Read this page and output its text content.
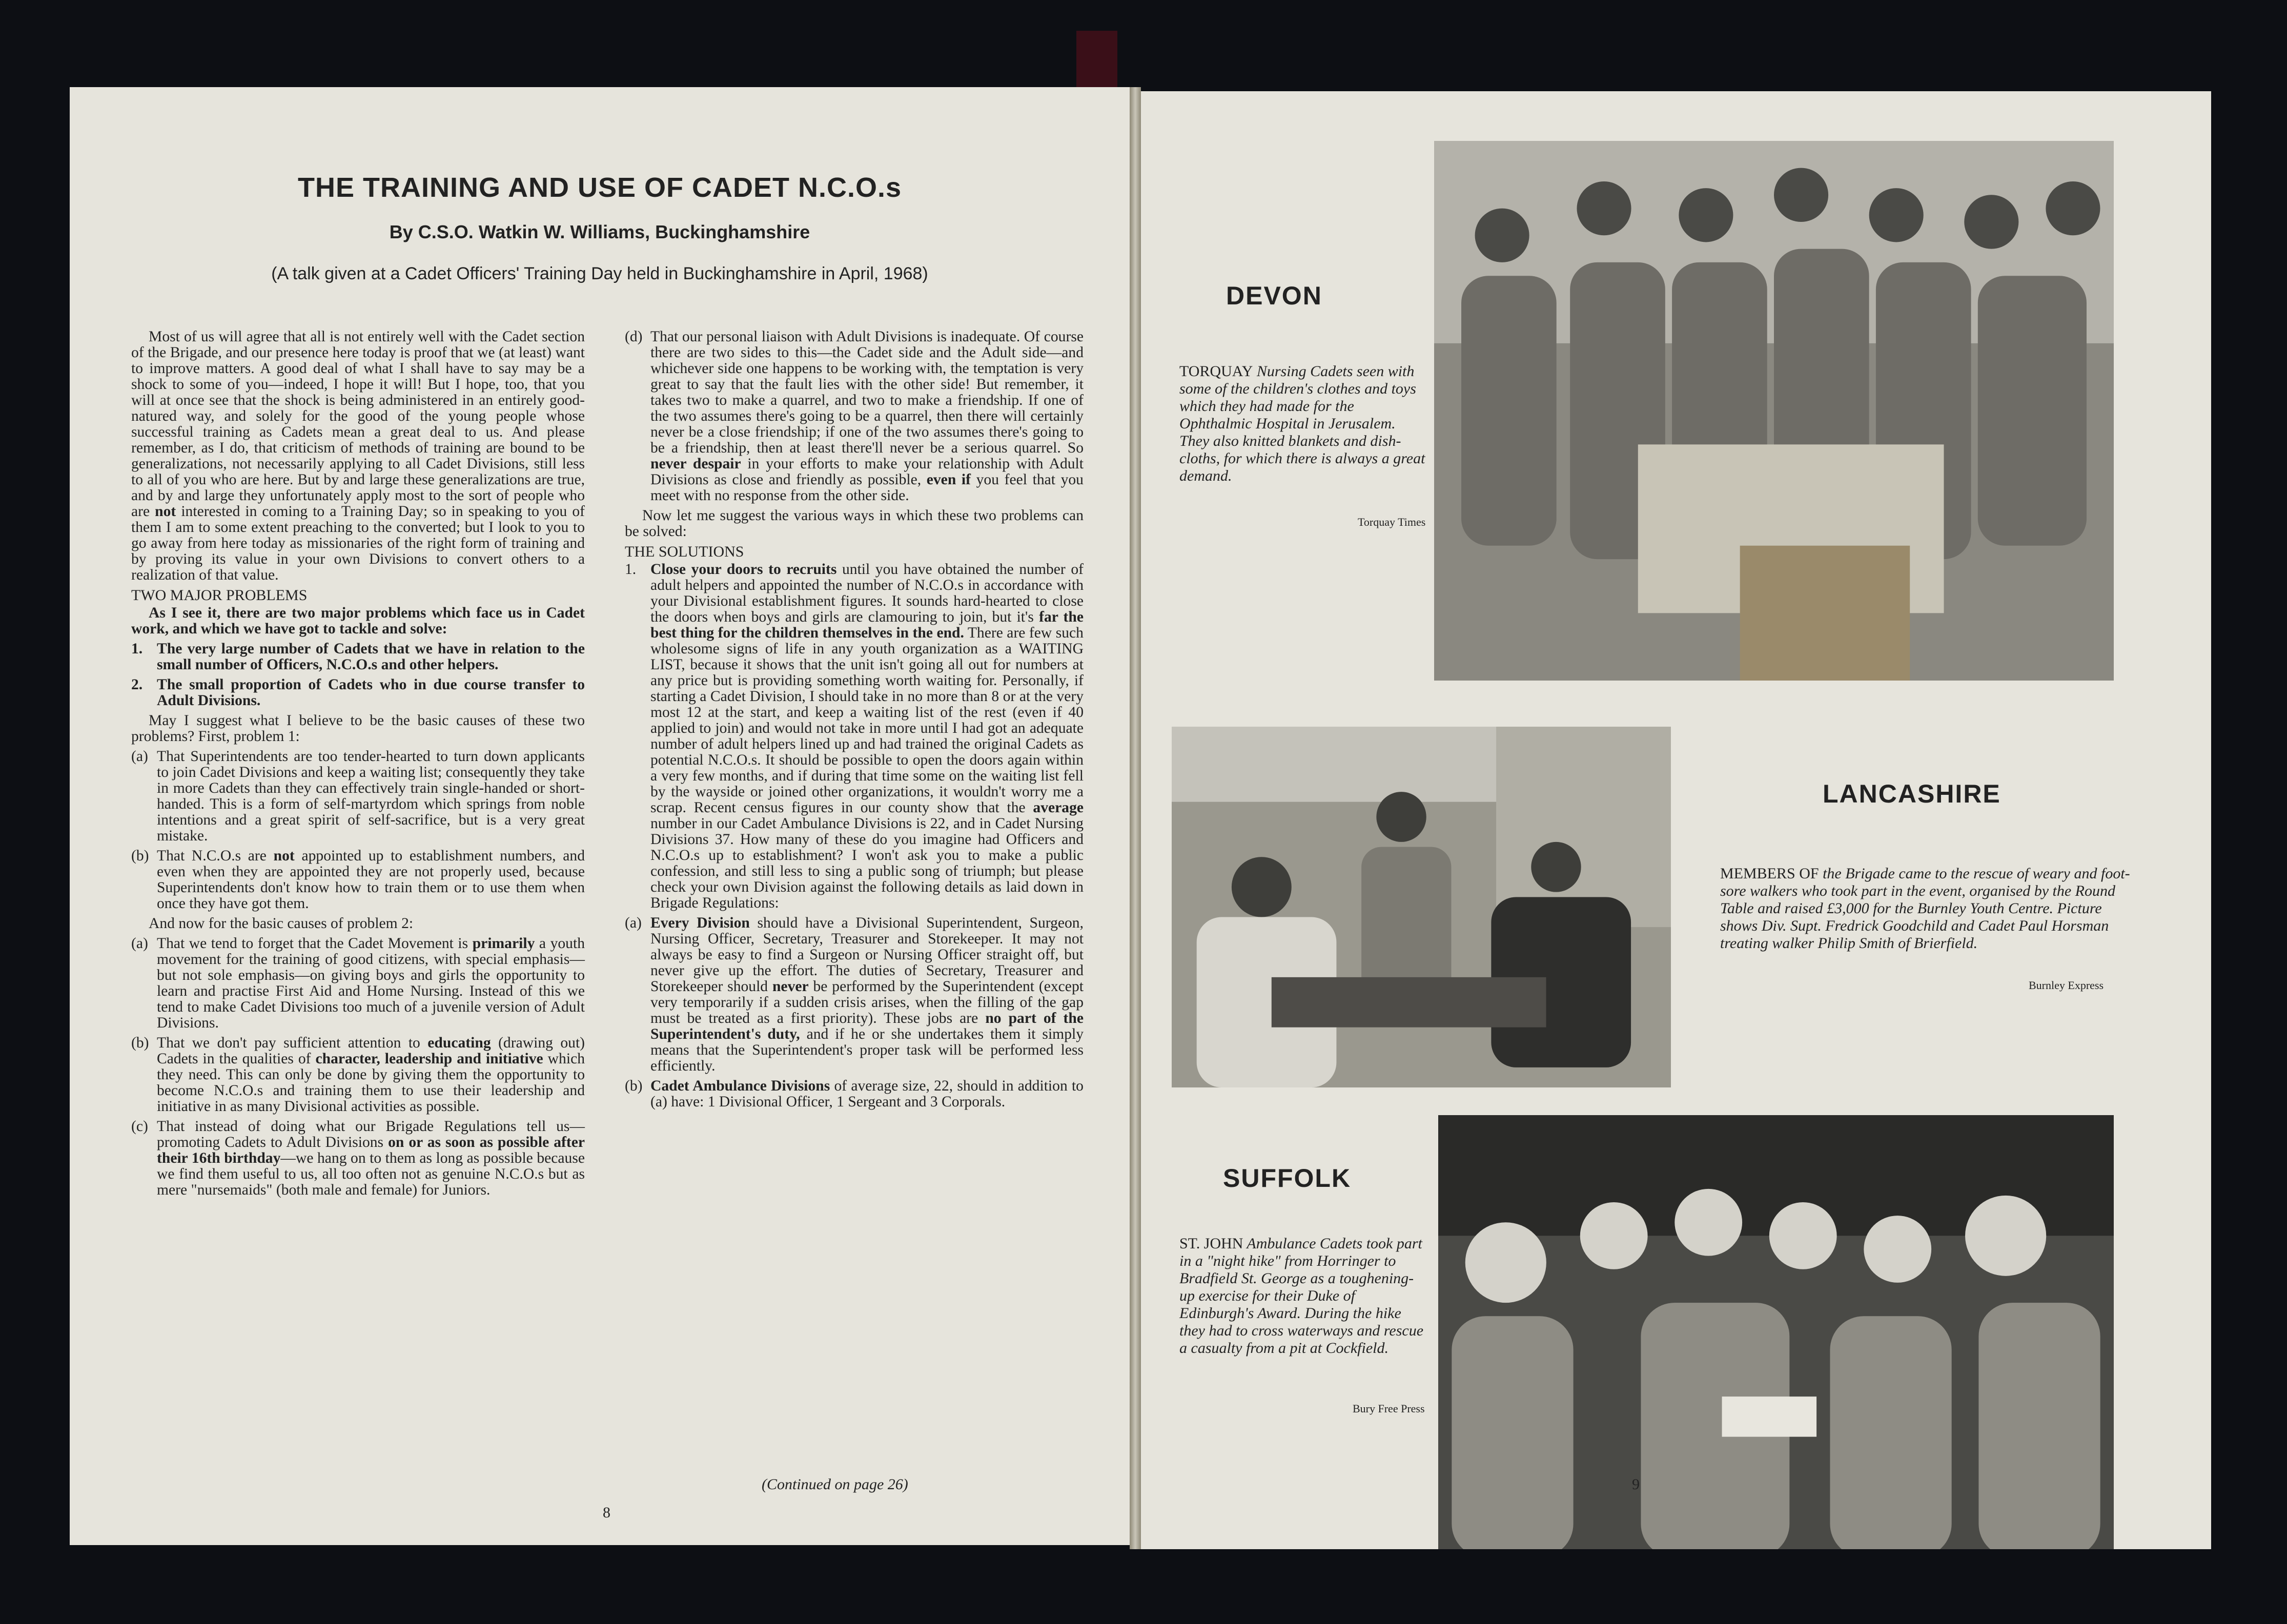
THE TRAINING AND USE OF CADET N.C.O.s
By C.S.O. Watkin W. Williams, Buckinghamshire
(A talk given at a Cadet Officers' Training Day held in Buckinghamshire in April, 1968)

Most of us will agree that all is not entirely well with the Cadet section of the Brigade, and our presence here today is proof that we (at least) want to improve matters. A good deal of what I shall have to say may be a shock to some of you—indeed, I hope it will! But I hope, too, that you will at once see that the shock is being administered in an entirely good-natured way, and solely for the good of the young people whose successful training as Cadets mean a great deal to us. And please remember, as I do, that criticism of methods of training are bound to be generalizations, not necessarily applying to all Cadet Divisions, still less to all of you who are here. But by and large these generalizations are true, and by and large they unfortunately apply most to the sort of people who are not interested in coming to a Training Day; so in speaking to you of them I am to some extent preaching to the converted; but I look to you to go away from here today as missionaries of the right form of training and by proving its value in your own Divisions to convert others to a realization of that value.

TWO MAJOR PROBLEMS

As I see it, there are two major problems which face us in Cadet work, and which we have got to tackle and solve:

1. The very large number of Cadets that we have in relation to the small number of Officers, N.C.O.s and other helpers.
2. The small proportion of Cadets who in due course transfer to Adult Divisions.

May I suggest what I believe to be the basic causes of these two problems? First, problem 1:

(a) That Superintendents are too tender-hearted to turn down applicants to join Cadet Divisions and keep a waiting list; consequently they take in more Cadets than they can effectively train single-handed or short-handed. This is a form of self-martyrdom which springs from noble intentions and a great spirit of self-sacrifice, but is a very great mistake.
(b) That N.C.O.s are not appointed up to establishment numbers, and even when they are appointed they are not properly used, because Superintendents don't know how to train them or to use them when once they have got them.

And now for the basic causes of problem 2:

(a) That we tend to forget that the Cadet Movement is primarily a youth movement for the training of good citizens, with special emphasis—but not sole emphasis—on giving boys and girls the opportunity to learn and practise First Aid and Home Nursing. Instead of this we tend to make Cadet Divisions too much of a juvenile version of Adult Divisions.
(b) That we don't pay sufficient attention to educating (drawing out) Cadets in the qualities of character, leadership and initiative which they need. This can only be done by giving them the opportunity to become N.C.O.s and training them to use their leadership and initiative in as many Divisional activities as possible.
(c) That instead of doing what our Brigade Regulations tell us—promoting Cadets to Adult Divisions on or as soon as possible after their 16th birthday—we hang on to them as long as possible because we find them useful to us, all too often not as genuine N.C.O.s but as mere "nursemaids" (both male and female) for Juniors.
(d) That our personal liaison with Adult Divisions is inadequate. Of course there are two sides to this—the Cadet side and the Adult side—and whichever side one happens to be working with, the temptation is very great to say that the fault lies with the other side! But remember, it takes two to make a quarrel, and two to make a friendship. If one of the two assumes there's going to be a quarrel, then there will certainly never be a close friendship; if one of the two assumes there's going to be a friendship, then at least there'll never be a serious quarrel. So never despair in your efforts to make your relationship with Adult Divisions as close and friendly as possible, even if you feel that you meet with no response from the other side.

Now let me suggest the various ways in which these two problems can be solved:

THE SOLUTIONS
1. Close your doors to recruits until you have obtained the number of adult helpers and appointed the number of N.C.O.s in accordance with your Divisional establishment figures. It sounds hard-hearted to close the doors when boys and girls are clamouring to join, but it's far the best thing for the children themselves in the end. There are few such wholesome signs of life in any youth organization as a WAITING LIST, because it shows that the unit isn't going all out for numbers at any price but is providing something worth waiting for. Personally, if starting a Cadet Division, I should take in no more than 8 or at the very most 12 at the start, and keep a waiting list of the rest (even if 40 applied to join) and would not take in more until I had got an adequate number of adult helpers lined up and had trained the original Cadets as potential N.C.O.s. It should be possible to open the doors again within a very few months, and if during that time some on the waiting list fell by the wayside or joined other organizations, it wouldn't worry me a scrap. Recent census figures in our county show that the average number in our Cadet Ambulance Divisions is 22, and in Cadet Nursing Divisions 37. How many of these do you imagine had Officers and N.C.O.s up to establishment? I won't ask you to make a public confession, and still less to sing a public song of triumph; but please check your own Division against the following details as laid down in Brigade Regulations:
(a) Every Division should have a Divisional Superintendent, Surgeon, Nursing Officer, Secretary, Treasurer and Storekeeper. It may not always be easy to find a Surgeon or Nursing Officer straight off, but never give up the effort. The duties of Secretary, Treasurer and Storekeeper should never be performed by the Superintendent (except very temporarily if a sudden crisis arises, when the filling of the gap must be treated as a first priority). These jobs are no part of the Superintendent's duty, and if he or she undertakes them it simply means that the Superintendent's proper task will be performed less efficiently.
(b) Cadet Ambulance Divisions of average size, 22, should in addition to (a) have: 1 Divisional Officer, 1 Sergeant and 3 Corporals.
(Continued on page 26)
8
DEVON
TORQUAY Nursing Cadets seen with some of the children's clothes and toys which they had made for the Ophthalmic Hospital in Jerusalem. They also knitted blankets and dish-cloths, for which there is always a great demand.
Torquay Times
LANCASHIRE
MEMBERS OF the Brigade came to the rescue of weary and foot-sore walkers who took part in the event, organised by the Round Table and raised £3,000 for the Burnley Youth Centre. Picture shows Div. Supt. Fredrick Goodchild and Cadet Paul Horsman treating walker Philip Smith of Brierfield.
Burnley Express
SUFFOLK
ST. JOHN Ambulance Cadets took part in a "night hike" from Horringer to Bradfield St. George as a toughening-up exercise for their Duke of Edinburgh's Award. During the hike they had to cross waterways and rescue a casualty from a pit at Cockfield.
Bury Free Press
9
